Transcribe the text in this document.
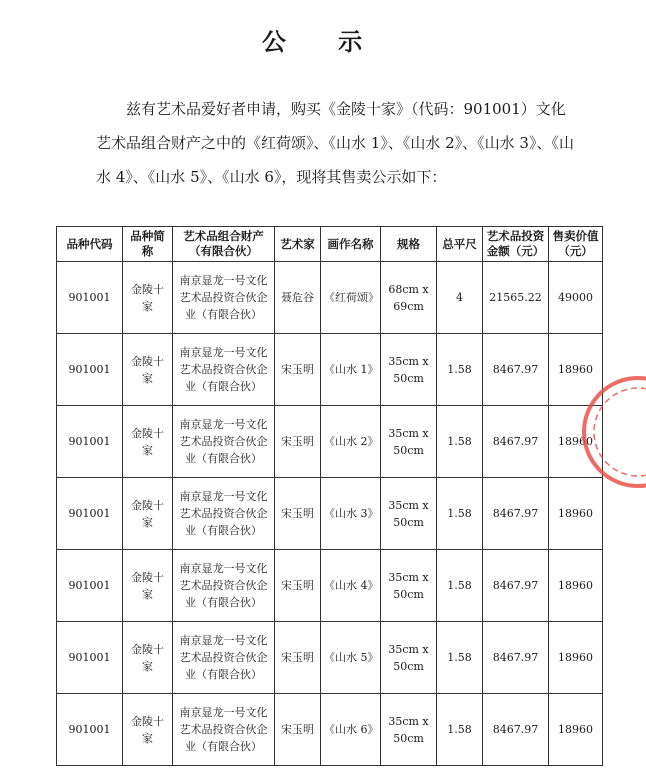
公 示
兹有艺术品爱好者申请，购买《金陵十家》（代码：901001）文化艺术品组合财产之中的《红荷颂》、《山水 1》、《山水 2》、《山水 3》、《山水 4》、《山水 5》、《山水 6》，现将其售卖公示如下：
品种代码	品种简称	艺术品组合财产（有限合伙）	艺术家	画作名称	规格	总平尺	艺术品投资金额（元）	售卖价值（元）
901001	金陵十家	南京显龙一号文化艺术品投资合伙企业（有限合伙）	聂危谷	《红荷颂》	68cm x 69cm	4	21565.22	49000
901001	金陵十家	南京显龙一号文化艺术品投资合伙企业（有限合伙）	宋玉明	《山水 1》	35cm x 50cm	1.58	8467.97	18960
901001	金陵十家	南京显龙一号文化艺术品投资合伙企业（有限合伙）	宋玉明	《山水 2》	35cm x 50cm	1.58	8467.97	18960
901001	金陵十家	南京显龙一号文化艺术品投资合伙企业（有限合伙）	宋玉明	《山水 3》	35cm x 50cm	1.58	8467.97	18960
901001	金陵十家	南京显龙一号文化艺术品投资合伙企业（有限合伙）	宋玉明	《山水 4》	35cm x 50cm	1.58	8467.97	18960
901001	金陵十家	南京显龙一号文化艺术品投资合伙企业（有限合伙）	宋玉明	《山水 5》	35cm x 50cm	1.58	8467.97	18960
901001	金陵十家	南京显龙一号文化艺术品投资合伙企业（有限合伙）	宋玉明	《山水 6》	35cm x 50cm	1.58	8467.97	18960
